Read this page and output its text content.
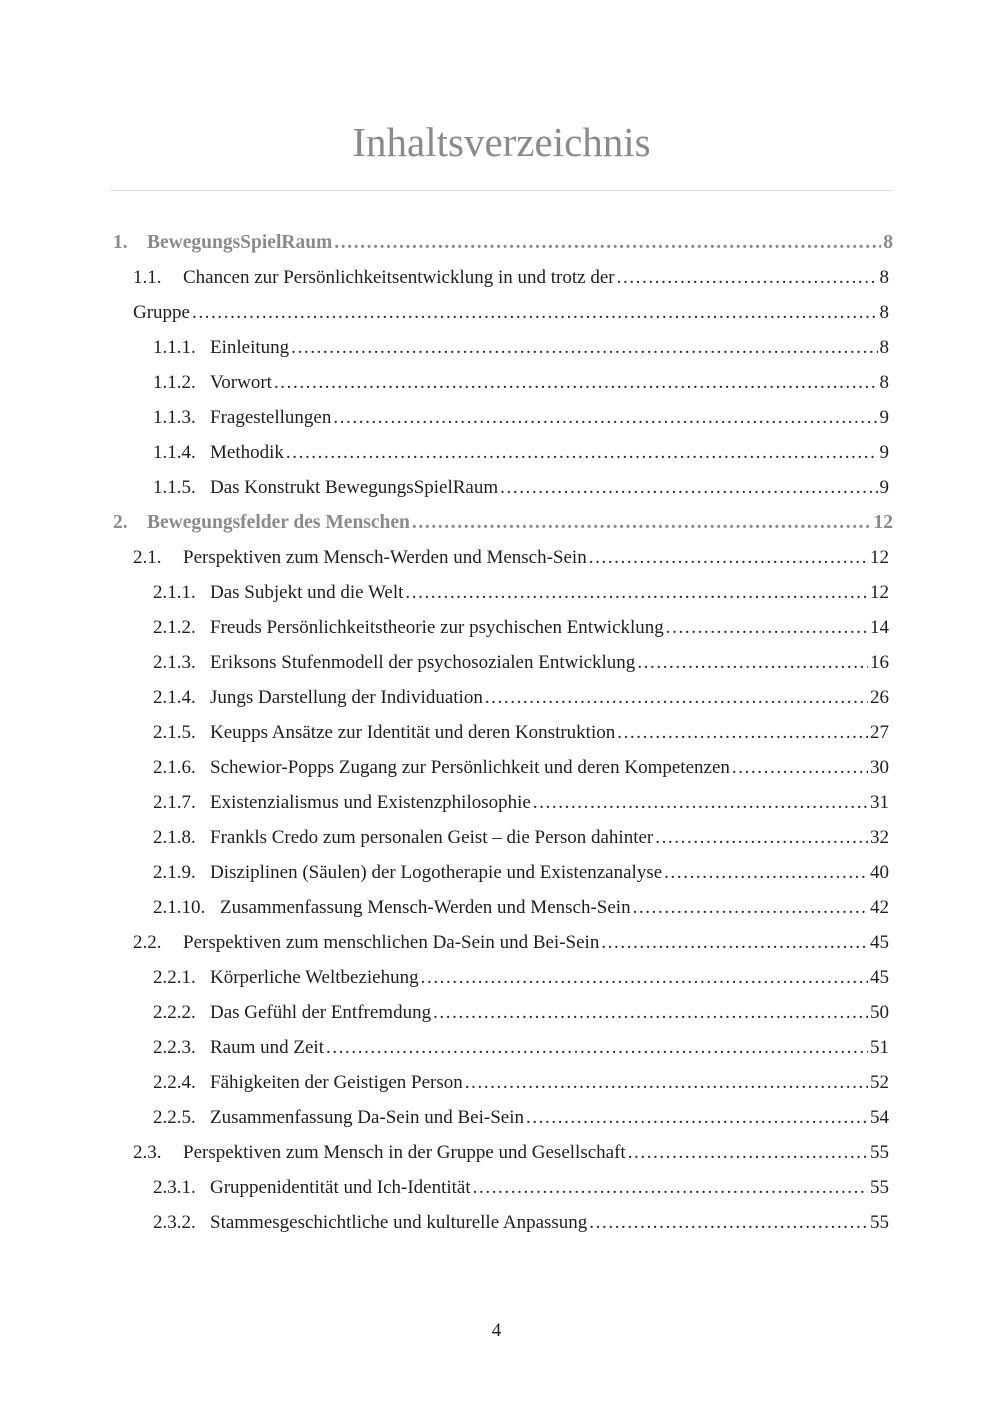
Inhaltsverzeichnis
1. BewegungsSpielRaum .....	8
1.1.	Chancen zur Persönlichkeitsentwicklung in und trotz der .....	8
Gruppe .....	8
1.1.1. Einleitung .....	8
1.1.2. Vorwort .....	8
1.1.3. Fragestellungen .....	9
1.1.4. Methodik .....	9
1.1.5. Das Konstrukt BewegungsSpielRaum .....	9
2. Bewegungsfelder des Menschen .....	12
2.1.	Perspektiven zum Mensch-Werden und Mensch-Sein .....	12
2.1.1. Das Subjekt und die Welt .....	12
2.1.2. Freuds Persönlichkeitstheorie zur psychischen Entwicklung .....	14
2.1.3. Eriksons Stufenmodell der psychosozialen Entwicklung .....	16
2.1.4. Jungs Darstellung der Individuation .....	26
2.1.5. Keupps Ansätze zur Identität und deren Konstruktion .....	27
2.1.6. Schewior-Popps Zugang zur Persönlichkeit und deren Kompetenzen .....	30
2.1.7. Existenzialismus und Existenzphilosophie .....	31
2.1.8. Frankls Credo zum personalen Geist – die Person dahinter .....	32
2.1.9. Disziplinen (Säulen) der Logotherapie und Existenzanalyse .....	40
2.1.10. Zusammenfassung Mensch-Werden und Mensch-Sein .....	42
2.2.	Perspektiven zum menschlichen Da-Sein und Bei-Sein .....	45
2.2.1. Körperliche Weltbeziehung .....	45
2.2.2. Das Gefühl der Entfremdung .....	50
2.2.3. Raum und Zeit .....	51
2.2.4. Fähigkeiten der Geistigen Person .....	52
2.2.5. Zusammenfassung Da-Sein und Bei-Sein .....	54
2.3.	Perspektiven zum Mensch in der Gruppe und Gesellschaft .....	55
2.3.1. Gruppenidentität und Ich-Identität .....	55
2.3.2. Stammesgeschichtliche und kulturelle Anpassung .....	55
4
